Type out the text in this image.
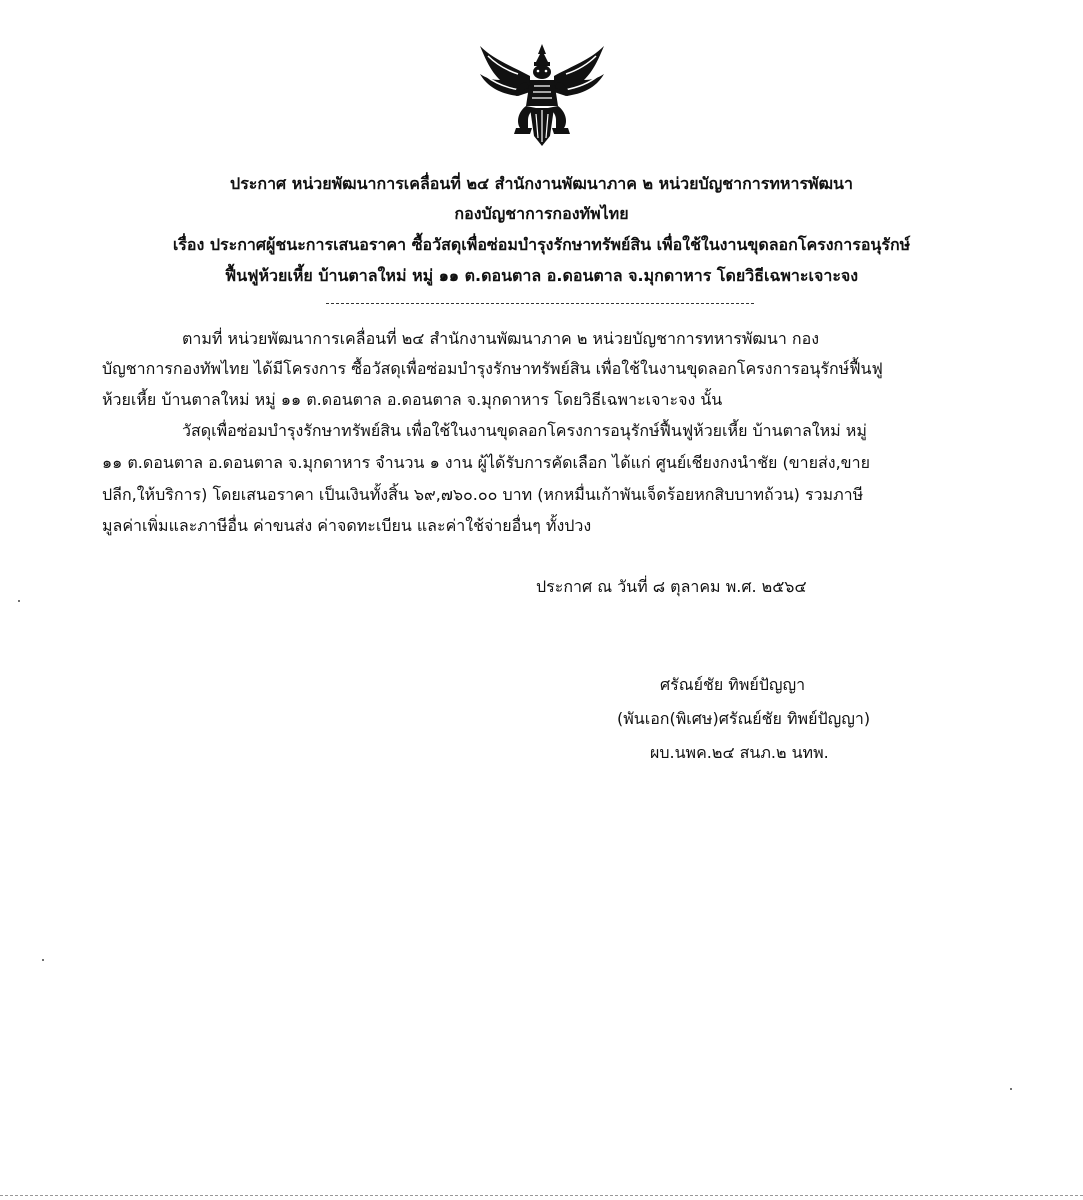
ประกาศ หน่วยพัฒนาการเคลื่อนที่ ๒๔ สำนักงานพัฒนาภาค ๒ หน่วยบัญชาการทหารพัฒนา
กองบัญชาการกองทัพไทย
เรื่อง ประกาศผู้ชนะการเสนอราคา ซื้อวัสดุเพื่อซ่อมบำรุงรักษาทรัพย์สิน เพื่อใช้ในงานขุดลอกโครงการอนุรักษ์
ฟื้นฟูห้วยเหี้ย บ้านตาลใหม่ หมู่ ๑๑ ต.ดอนตาล อ.ดอนตาล จ.มุกดาหาร โดยวิธีเฉพาะเจาะจง
ตามที่ หน่วยพัฒนาการเคลื่อนที่ ๒๔ สำนักงานพัฒนาภาค ๒ หน่วยบัญชาการทหารพัฒนา กอง
บัญชาการกองทัพไทย ได้มีโครงการ ซื้อวัสดุเพื่อซ่อมบำรุงรักษาทรัพย์สิน เพื่อใช้ในงานขุดลอกโครงการอนุรักษ์ฟื้นฟู
ห้วยเหี้ย บ้านตาลใหม่ หมู่ ๑๑ ต.ดอนตาล อ.ดอนตาล จ.มุกดาหาร โดยวิธีเฉพาะเจาะจง นั้น
วัสดุเพื่อซ่อมบำรุงรักษาทรัพย์สิน เพื่อใช้ในงานขุดลอกโครงการอนุรักษ์ฟื้นฟูห้วยเหี้ย บ้านตาลใหม่ หมู่
๑๑ ต.ดอนตาล อ.ดอนตาล จ.มุกดาหาร จำนวน ๑ งาน ผู้ได้รับการคัดเลือก ได้แก่ ศูนย์เชียงกงนำชัย (ขายส่ง,ขาย
ปลีก,ให้บริการ) โดยเสนอราคา เป็นเงินทั้งสิ้น ๖๙,๗๖๐.๐๐ บาท (หกหมื่นเก้าพันเจ็ดร้อยหกสิบบาทถ้วน) รวมภาษี
มูลค่าเพิ่มและภาษีอื่น ค่าขนส่ง ค่าจดทะเบียน และค่าใช้จ่ายอื่นๆ ทั้งปวง
ประกาศ ณ วันที่ ๘ ตุลาคม พ.ศ. ๒๕๖๔
ศรัณย์ชัย ทิพย์ปัญญา
(พันเอก(พิเศษ)ศรัณย์ชัย ทิพย์ปัญญา)
ผบ.นพค.๒๔ สนภ.๒ นทพ.
